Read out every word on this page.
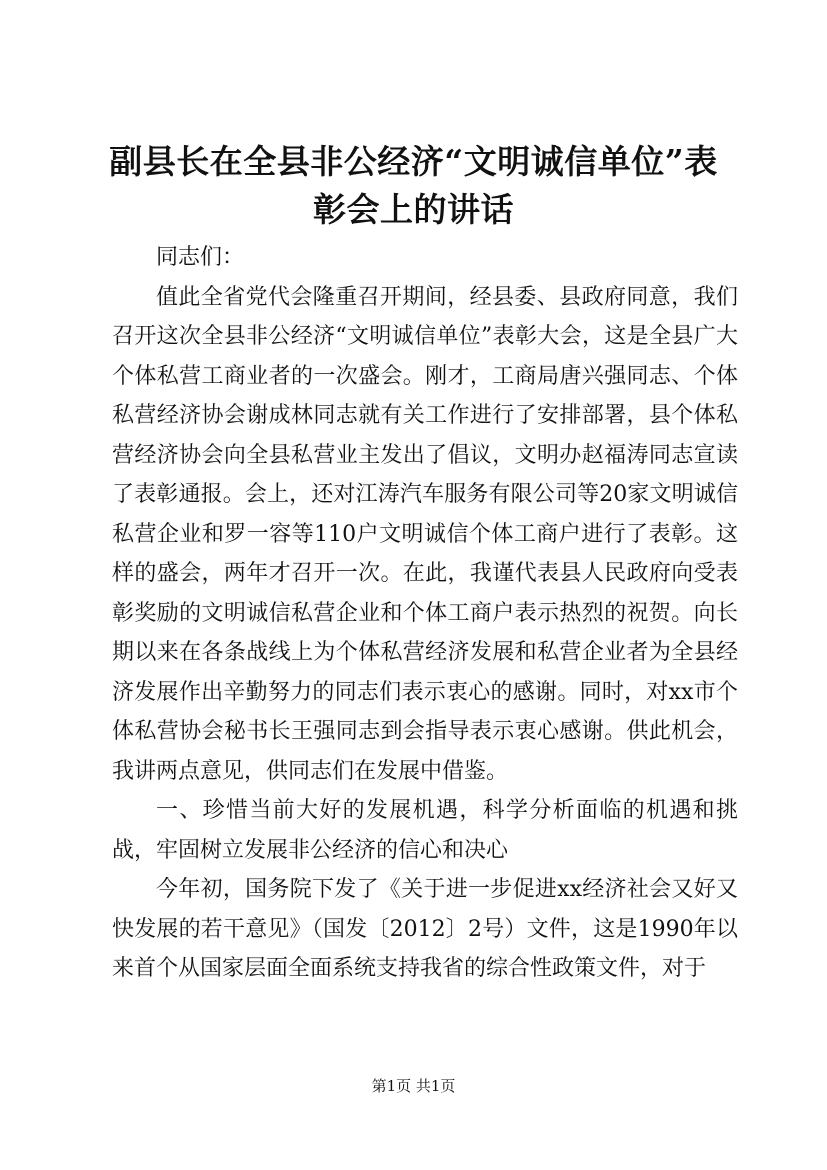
副县长在全县非公经济“文明诚信单位”表彰会上的讲话

同志们：

值此全省党代会隆重召开期间，经县委、县政府同意，我们召开这次全县非公经济“文明诚信单位”表彰大会，这是全县广大个体私营工商业者的一次盛会。刚才，工商局唐兴强同志、个体私营经济协会谢成林同志就有关工作进行了安排部署，县个体私营经济协会向全县私营业主发出了倡议，文明办赵福涛同志宣读了表彰通报。会上，还对江涛汽车服务有限公司等20家文明诚信私营企业和罗一容等110户文明诚信个体工商户进行了表彰。这样的盛会，两年才召开一次。在此，我谨代表县人民政府向受表彰奖励的文明诚信私营企业和个体工商户表示热烈的祝贺。向长期以来在各条战线上为个体私营经济发展和私营企业者为全县经济发展作出辛勤努力的同志们表示衷心的感谢。同时，对xx市个体私营协会秘书长王强同志到会指导表示衷心感谢。供此机会，我讲两点意见，供同志们在发展中借鉴。

一、珍惜当前大好的发展机遇，科学分析面临的机遇和挑战，牢固树立发展非公经济的信心和决心

今年初，国务院下发了《关于进一步促进xx经济社会又好又快发展的若干意见》（国发〔2012〕2号）文件，这是1990年以来首个从国家层面全面系统支持我省的综合性政策文件，对于

第1页 共1页
